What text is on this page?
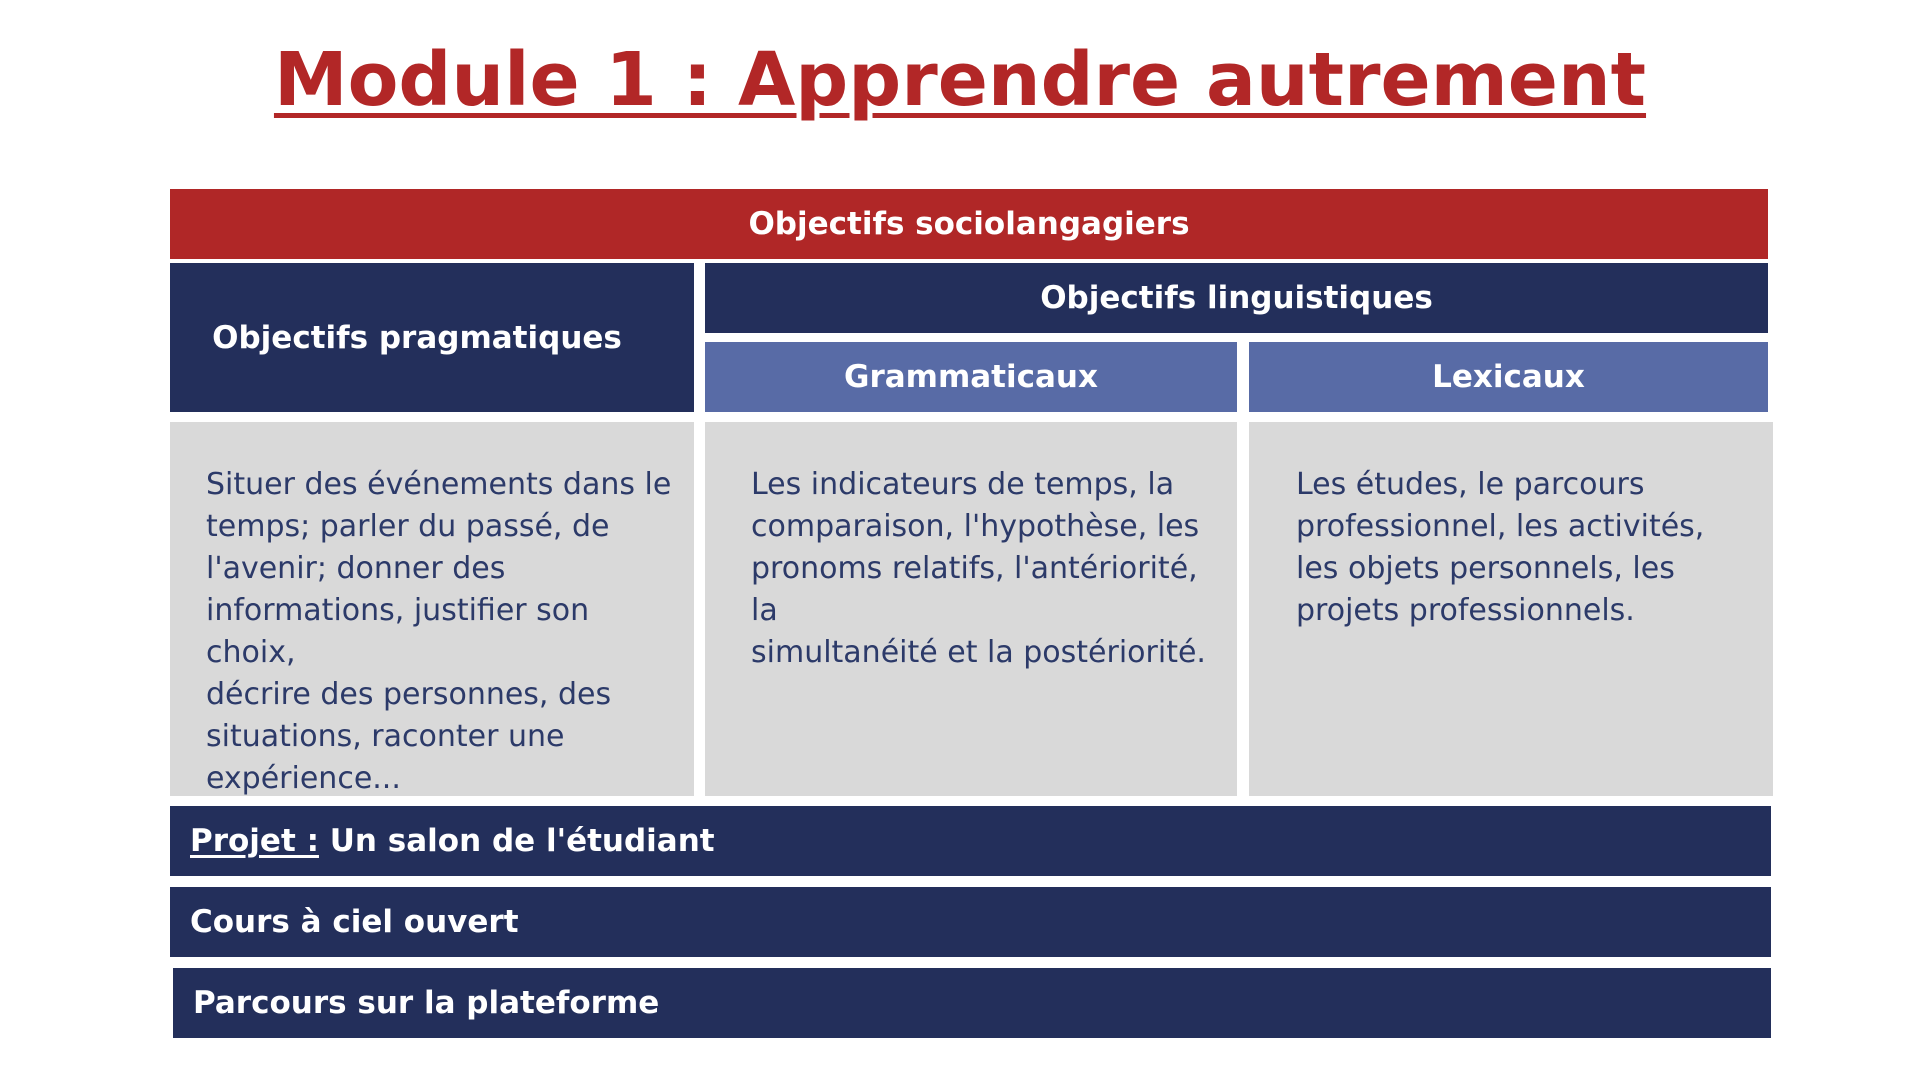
Module 1 : Apprendre autrement
Objectifs sociolangagiers
Objectifs pragmatiques
Objectifs linguistiques
Grammaticaux	Lexicaux
Situer des événements dans le
temps; parler du passé, de
l'avenir; donner des
informations, justifier son choix,
décrire des personnes, des
situations, raconter une
expérience...
Les indicateurs de temps, la
comparaison, l'hypothèse, les
pronoms relatifs, l'antériorité, la
simultanéité et la postériorité.
Les études, le parcours
professionnel, les activités,
les objets personnels, les
projets professionnels.
Projet : Un salon de l'étudiant
Cours à ciel ouvert
Parcours sur la plateforme
